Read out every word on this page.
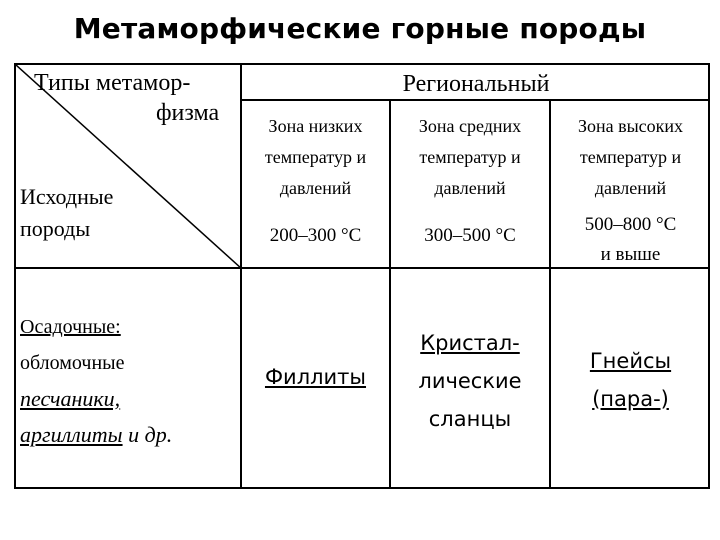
Метаморфические горные породы
Типы метамор-
физма
Исходные
породы
Региональный
Зона низких
температур и
давлений
Зона средних
температур и
давлений
Зона высоких
температур и
давлений
200–300 °С	300–500 °С
500–800 °С
и выше
Осадочные:
обломочные
песчаники,
аргиллиты и др.
Филлиты
Кристал-
лические
сланцы
Гнейсы
(пара-)
